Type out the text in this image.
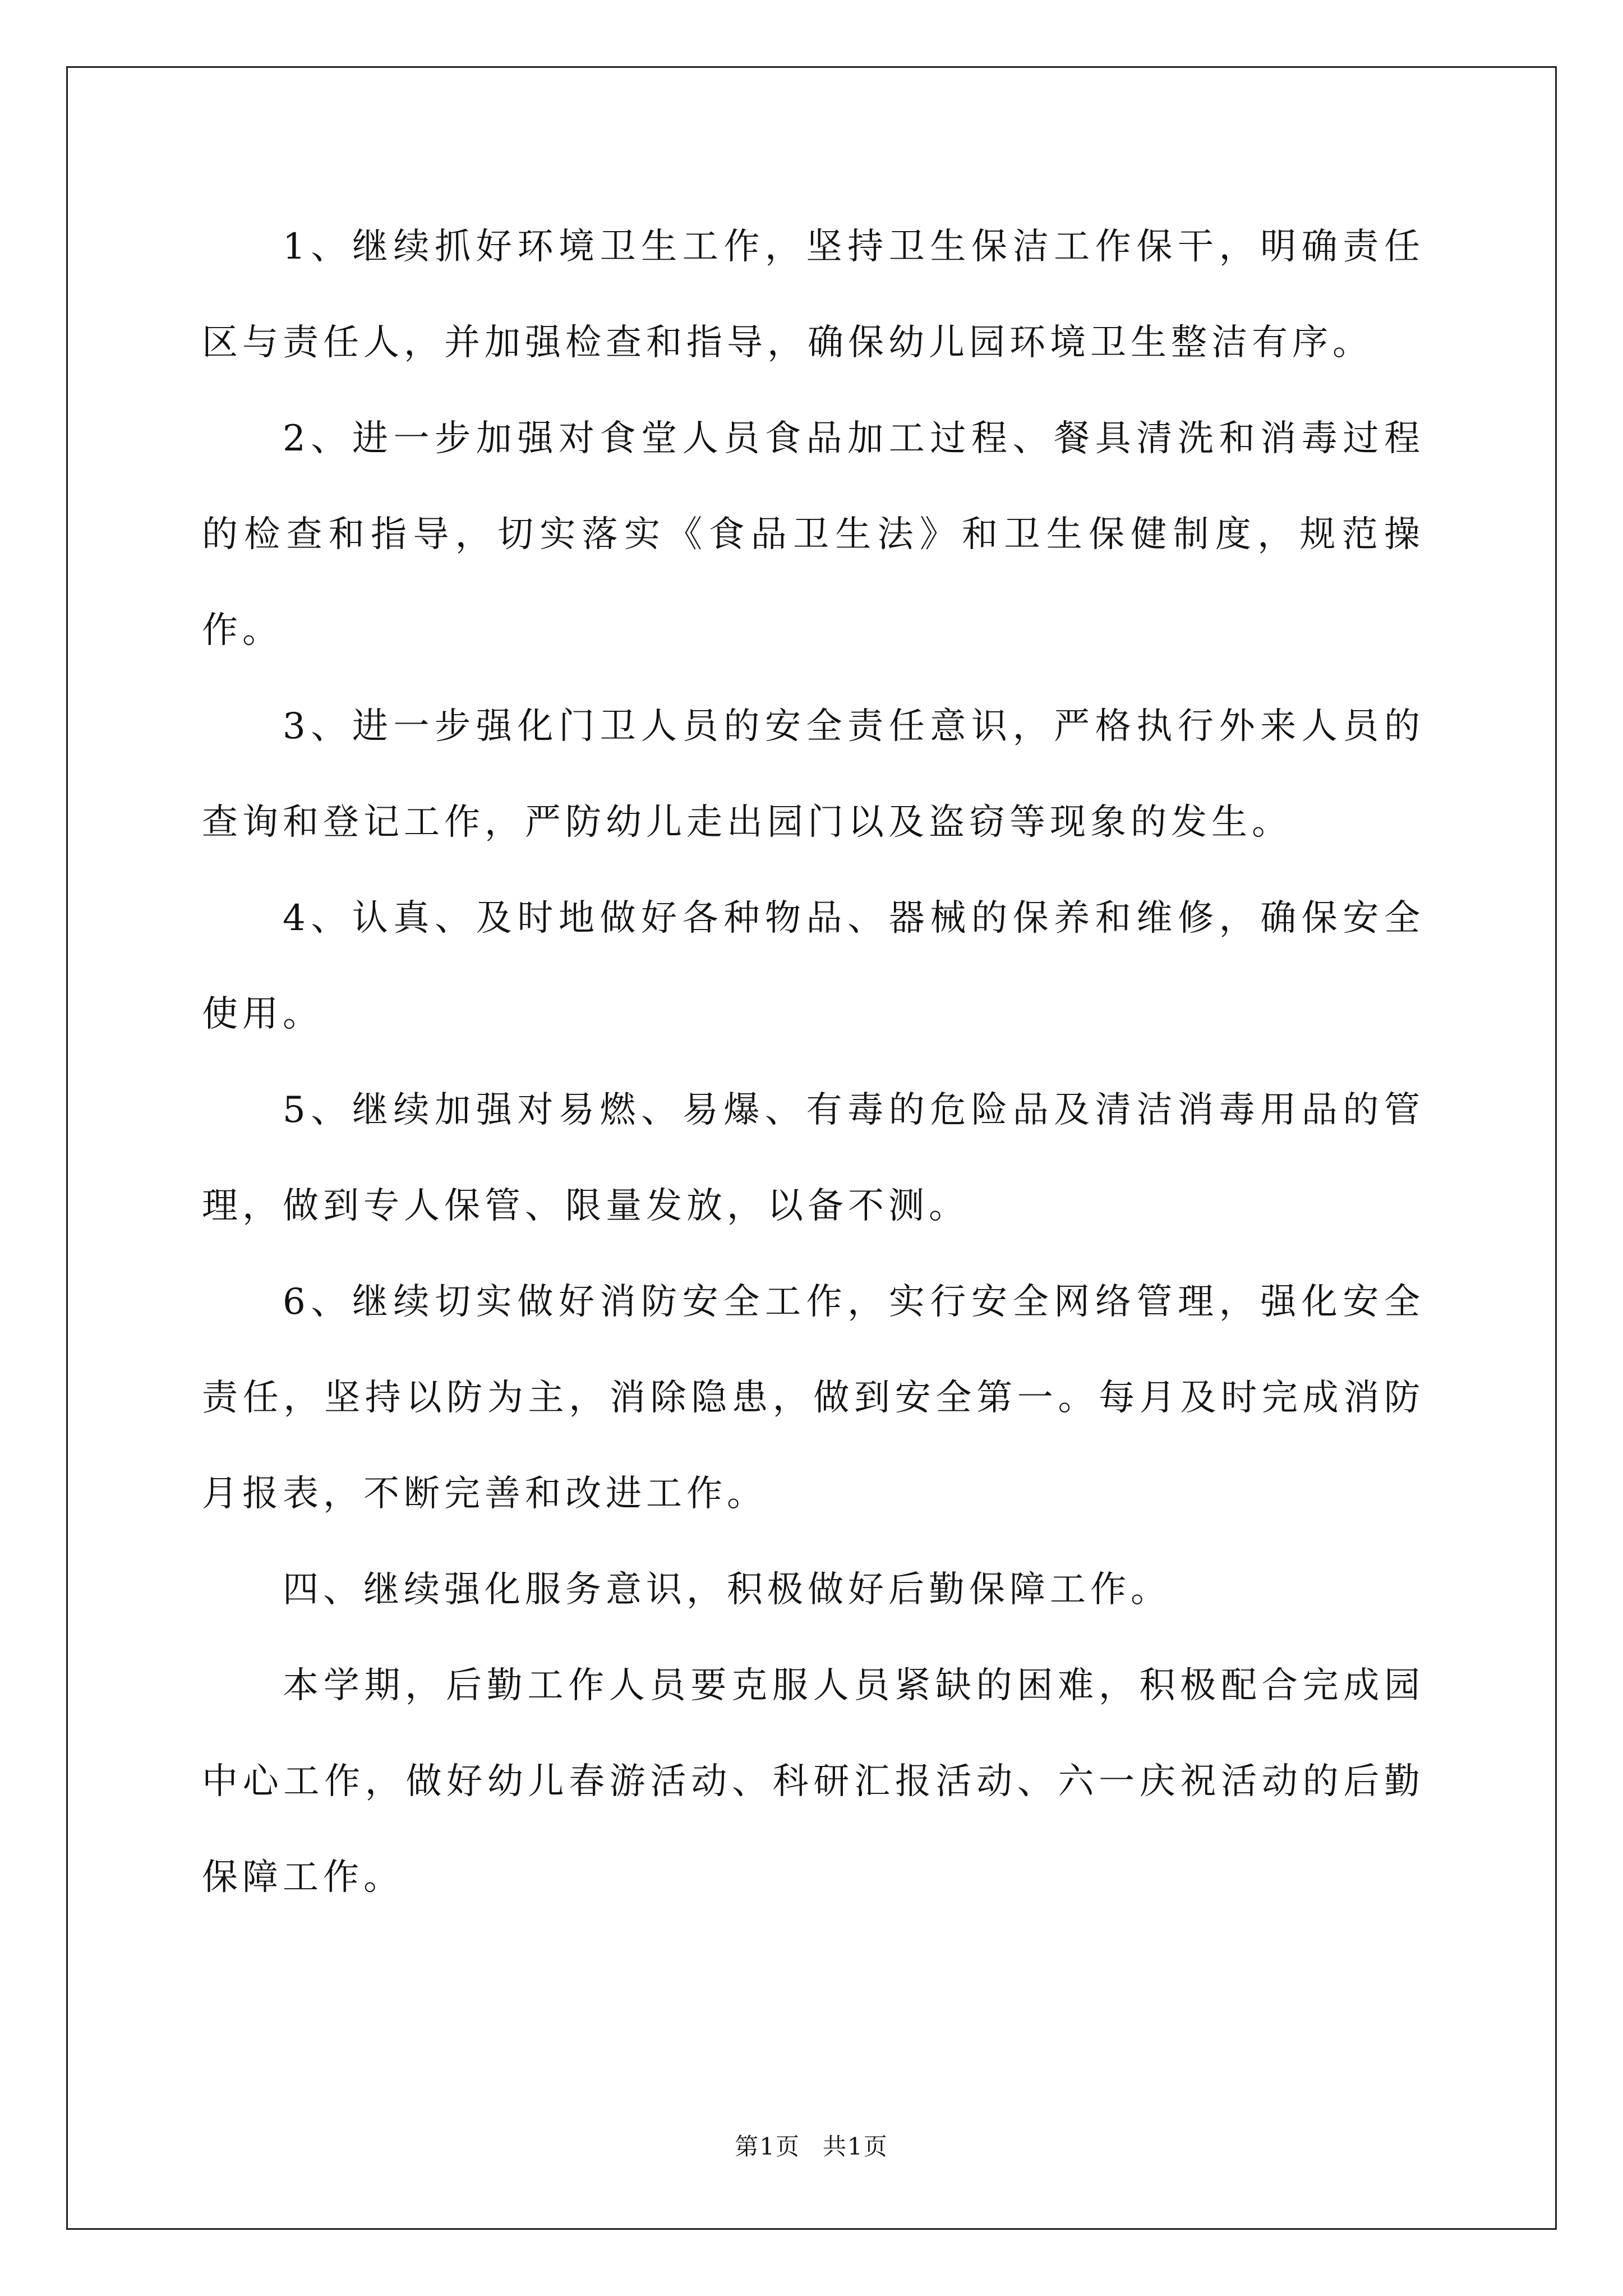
1、继续抓好环境卫生工作，坚持卫生保洁工作保干，明确责任区与责任人，并加强检查和指导，确保幼儿园环境卫生整洁有序。

2、进一步加强对食堂人员食品加工过程、餐具清洗和消毒过程的检查和指导，切实落实《食品卫生法》和卫生保健制度，规范操作。

3、进一步强化门卫人员的安全责任意识，严格执行外来人员的查询和登记工作，严防幼儿走出园门以及盗窃等现象的发生。

4、认真、及时地做好各种物品、器械的保养和维修，确保安全使用。

5、继续加强对易燃、易爆、有毒的危险品及清洁消毒用品的管理，做到专人保管、限量发放，以备不测。

6、继续切实做好消防安全工作，实行安全网络管理，强化安全责任，坚持以防为主，消除隐患，做到安全第一。每月及时完成消防月报表，不断完善和改进工作。

四、继续强化服务意识，积极做好后勤保障工作。

本学期，后勤工作人员要克服人员紧缺的困难，积极配合完成园中心工作，做好幼儿春游活动、科研汇报活动、六一庆祝活动的后勤保障工作。

第1页 共1页
